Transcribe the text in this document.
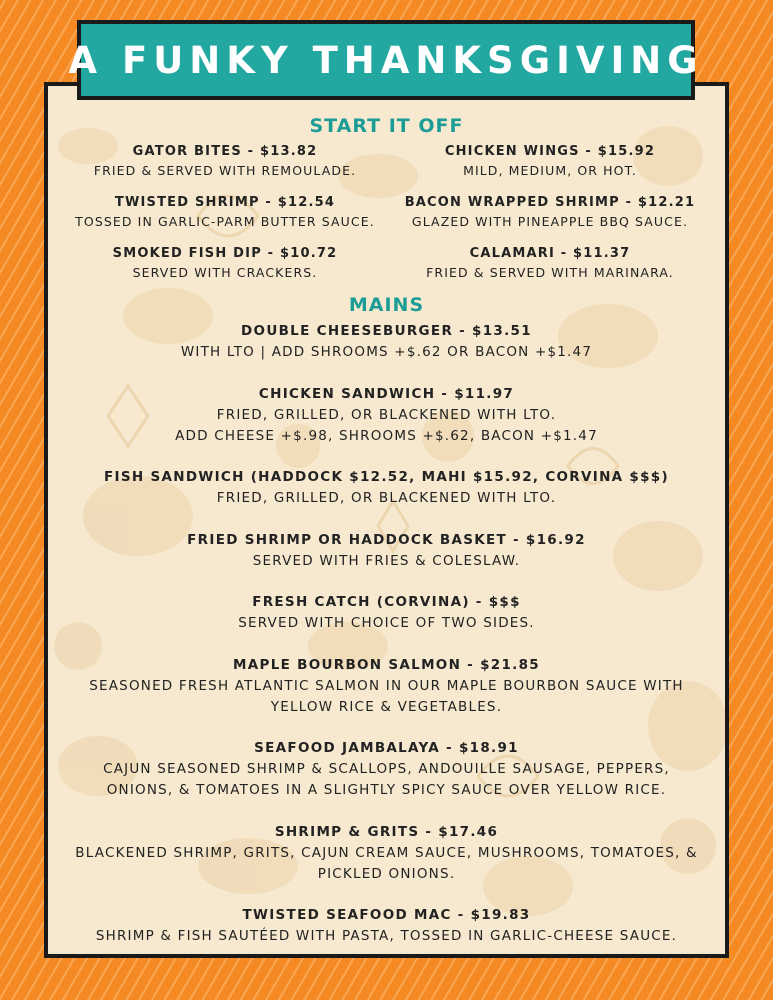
A FUNKY THANKSGIVING
START IT OFF
GATOR BITES - $13.82
FRIED & SERVED WITH REMOULADE.
TWISTED SHRIMP - $12.54
TOSSED IN GARLIC-PARM BUTTER SAUCE.
SMOKED FISH DIP - $10.72
SERVED WITH CRACKERS.
CHICKEN WINGS - $15.92
MILD, MEDIUM, OR HOT.
BACON WRAPPED SHRIMP - $12.21
GLAZED WITH PINEAPPLE BBQ SAUCE.
CALAMARI - $11.37
FRIED & SERVED WITH MARINARA.
MAINS
DOUBLE CHEESEBURGER - $13.51
WITH LTO | ADD SHROOMS +$.62 OR BACON +$1.47
CHICKEN SANDWICH - $11.97
FRIED, GRILLED, OR BLACKENED WITH LTO.
ADD CHEESE +$.98, SHROOMS +$.62, BACON +$1.47
FISH SANDWICH (HADDOCK $12.52, MAHI $15.92, CORVINA $$$)
FRIED, GRILLED, OR BLACKENED WITH LTO.
FRIED SHRIMP OR HADDOCK BASKET - $16.92
SERVED WITH FRIES & COLESLAW.
FRESH CATCH (CORVINA) - $$$
SERVED WITH CHOICE OF TWO SIDES.
MAPLE BOURBON SALMON - $21.85
SEASONED FRESH ATLANTIC SALMON IN OUR MAPLE BOURBON SAUCE WITH
YELLOW RICE & VEGETABLES.
SEAFOOD JAMBALAYA - $18.91
CAJUN SEASONED SHRIMP & SCALLOPS, ANDOUILLE SAUSAGE, PEPPERS,
ONIONS, & TOMATOES IN A SLIGHTLY SPICY SAUCE OVER YELLOW RICE.
SHRIMP & GRITS - $17.46
BLACKENED SHRIMP, GRITS, CAJUN CREAM SAUCE, MUSHROOMS, TOMATOES, &
PICKLED ONIONS.
TWISTED SEAFOOD MAC - $19.83
SHRIMP & FISH SAUTÉED WITH PASTA, TOSSED IN GARLIC-CHEESE SAUCE.
